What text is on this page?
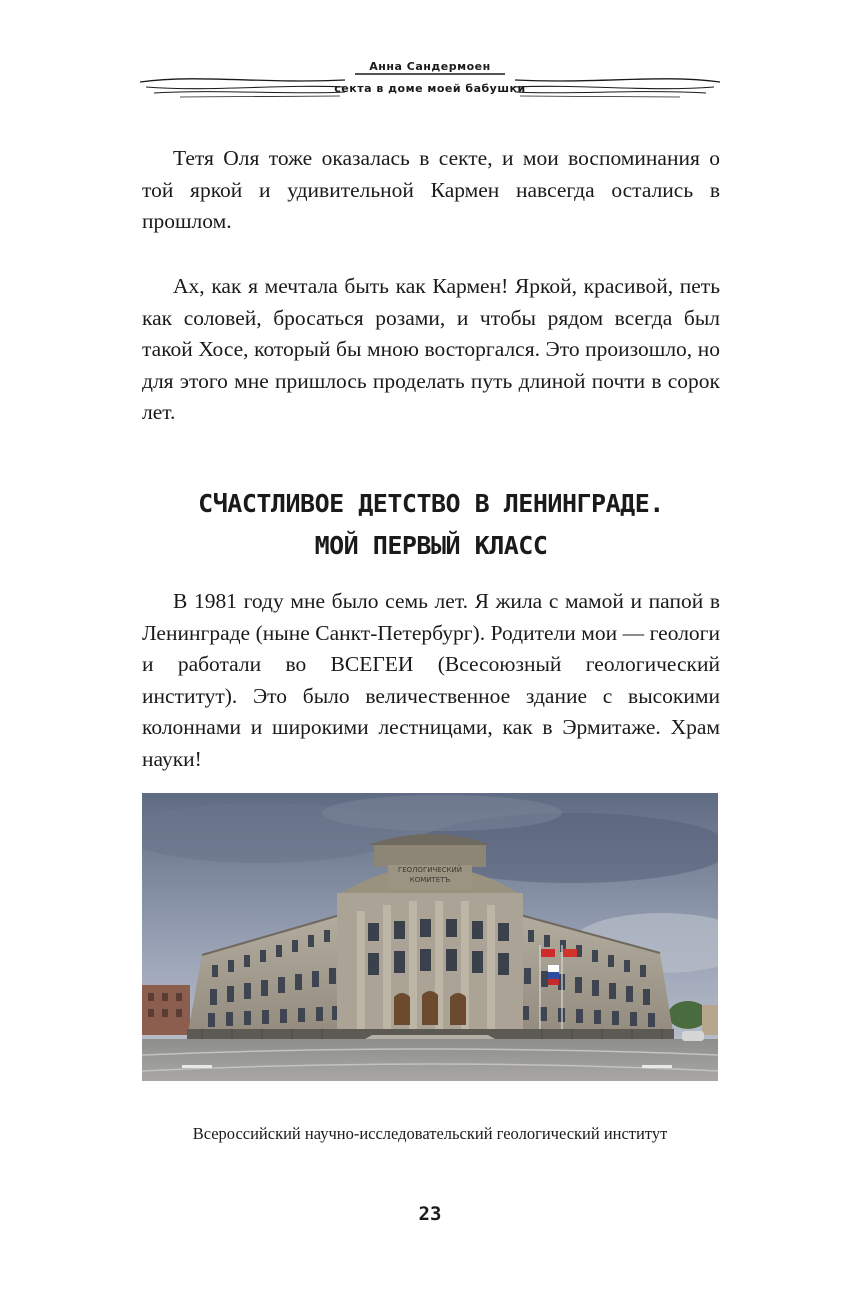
Анна Сандермоен
секта в доме моей бабушки

Тетя Оля тоже оказалась в секте, и мои воспоминания о той яркой и удивительной Кармен навсегда остались в прошлом.

Ах, как я мечтала быть как Кармен! Яркой, красивой, петь как соловей, бросаться розами, и чтобы рядом всегда был такой Хосе, который бы мною восторгался. Это произошло, но для этого мне пришлось проделать путь длиной почти в сорок лет.

СЧАСТЛИВОЕ ДЕТСТВО В ЛЕНИНГРАДЕ.
МОЙ ПЕРВЫЙ КЛАСС

В 1981 году мне было семь лет. Я жила с мамой и папой в Ленинграде (ныне Санкт-Петербург). Родители мои — геологи и работали во ВСЕГЕИ (Всесоюзный геологический институт). Это было величественное здание с высокими колоннами и широкими лестницами, как в Эрмитаже. Храм науки!

ГЕОЛОГИЧЕСКИЙ
КОМИТЕТЪ

Всероссийский научно-исследовательский геологический институт

23
